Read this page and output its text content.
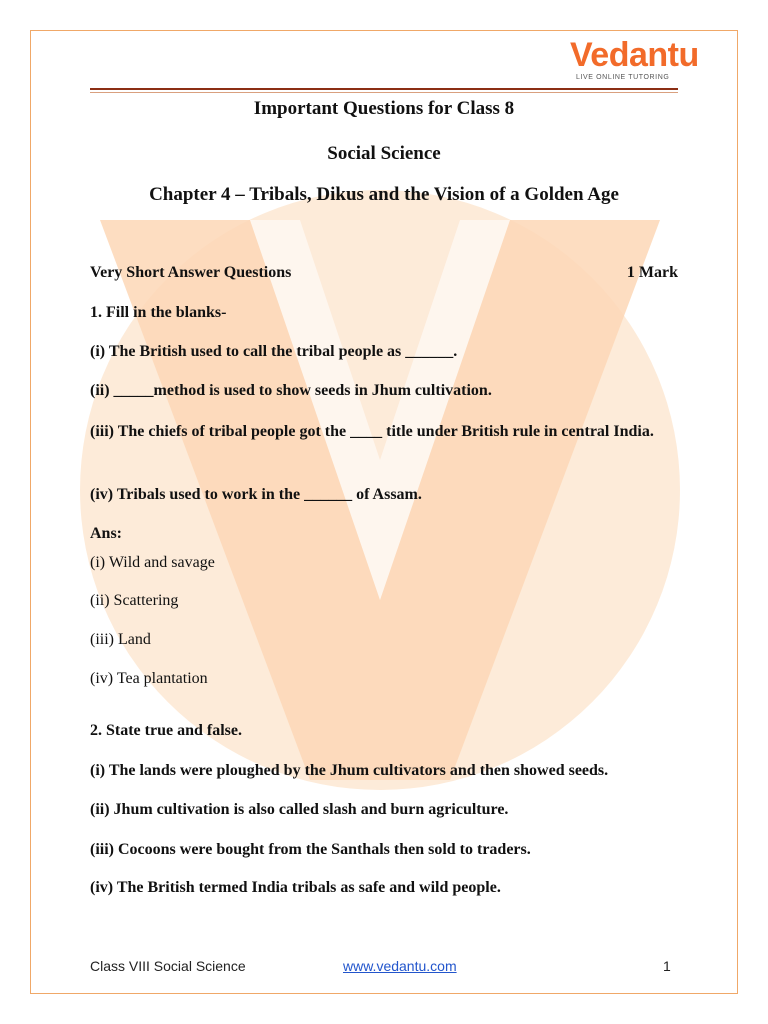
Vedantu
LIVE ONLINE TUTORING
Important Questions for Class 8
Social Science
Chapter 4 – Tribals, Dikus and the Vision of a Golden Age
Very Short Answer Questions	1 Mark
1. Fill in the blanks-
(i) The British used to call the tribal people as ______.
(ii) _____method is used to show seeds in Jhum cultivation.
(iii) The chiefs of tribal people got the ____ title under British rule in central India.
(iv) Tribals used to work in the ______ of Assam.
Ans:
(i) Wild and savage
(ii) Scattering
(iii) Land
(iv) Tea plantation
2. State true and false.
(i) The lands were ploughed by the Jhum cultivators and then showed seeds.
(ii) Jhum cultivation is also called slash and burn agriculture.
(iii) Cocoons were bought from the Santhals then sold to traders.
(iv) The British termed India tribals as safe and wild people.
Class VIII Social Science	www.vedantu.com	1
